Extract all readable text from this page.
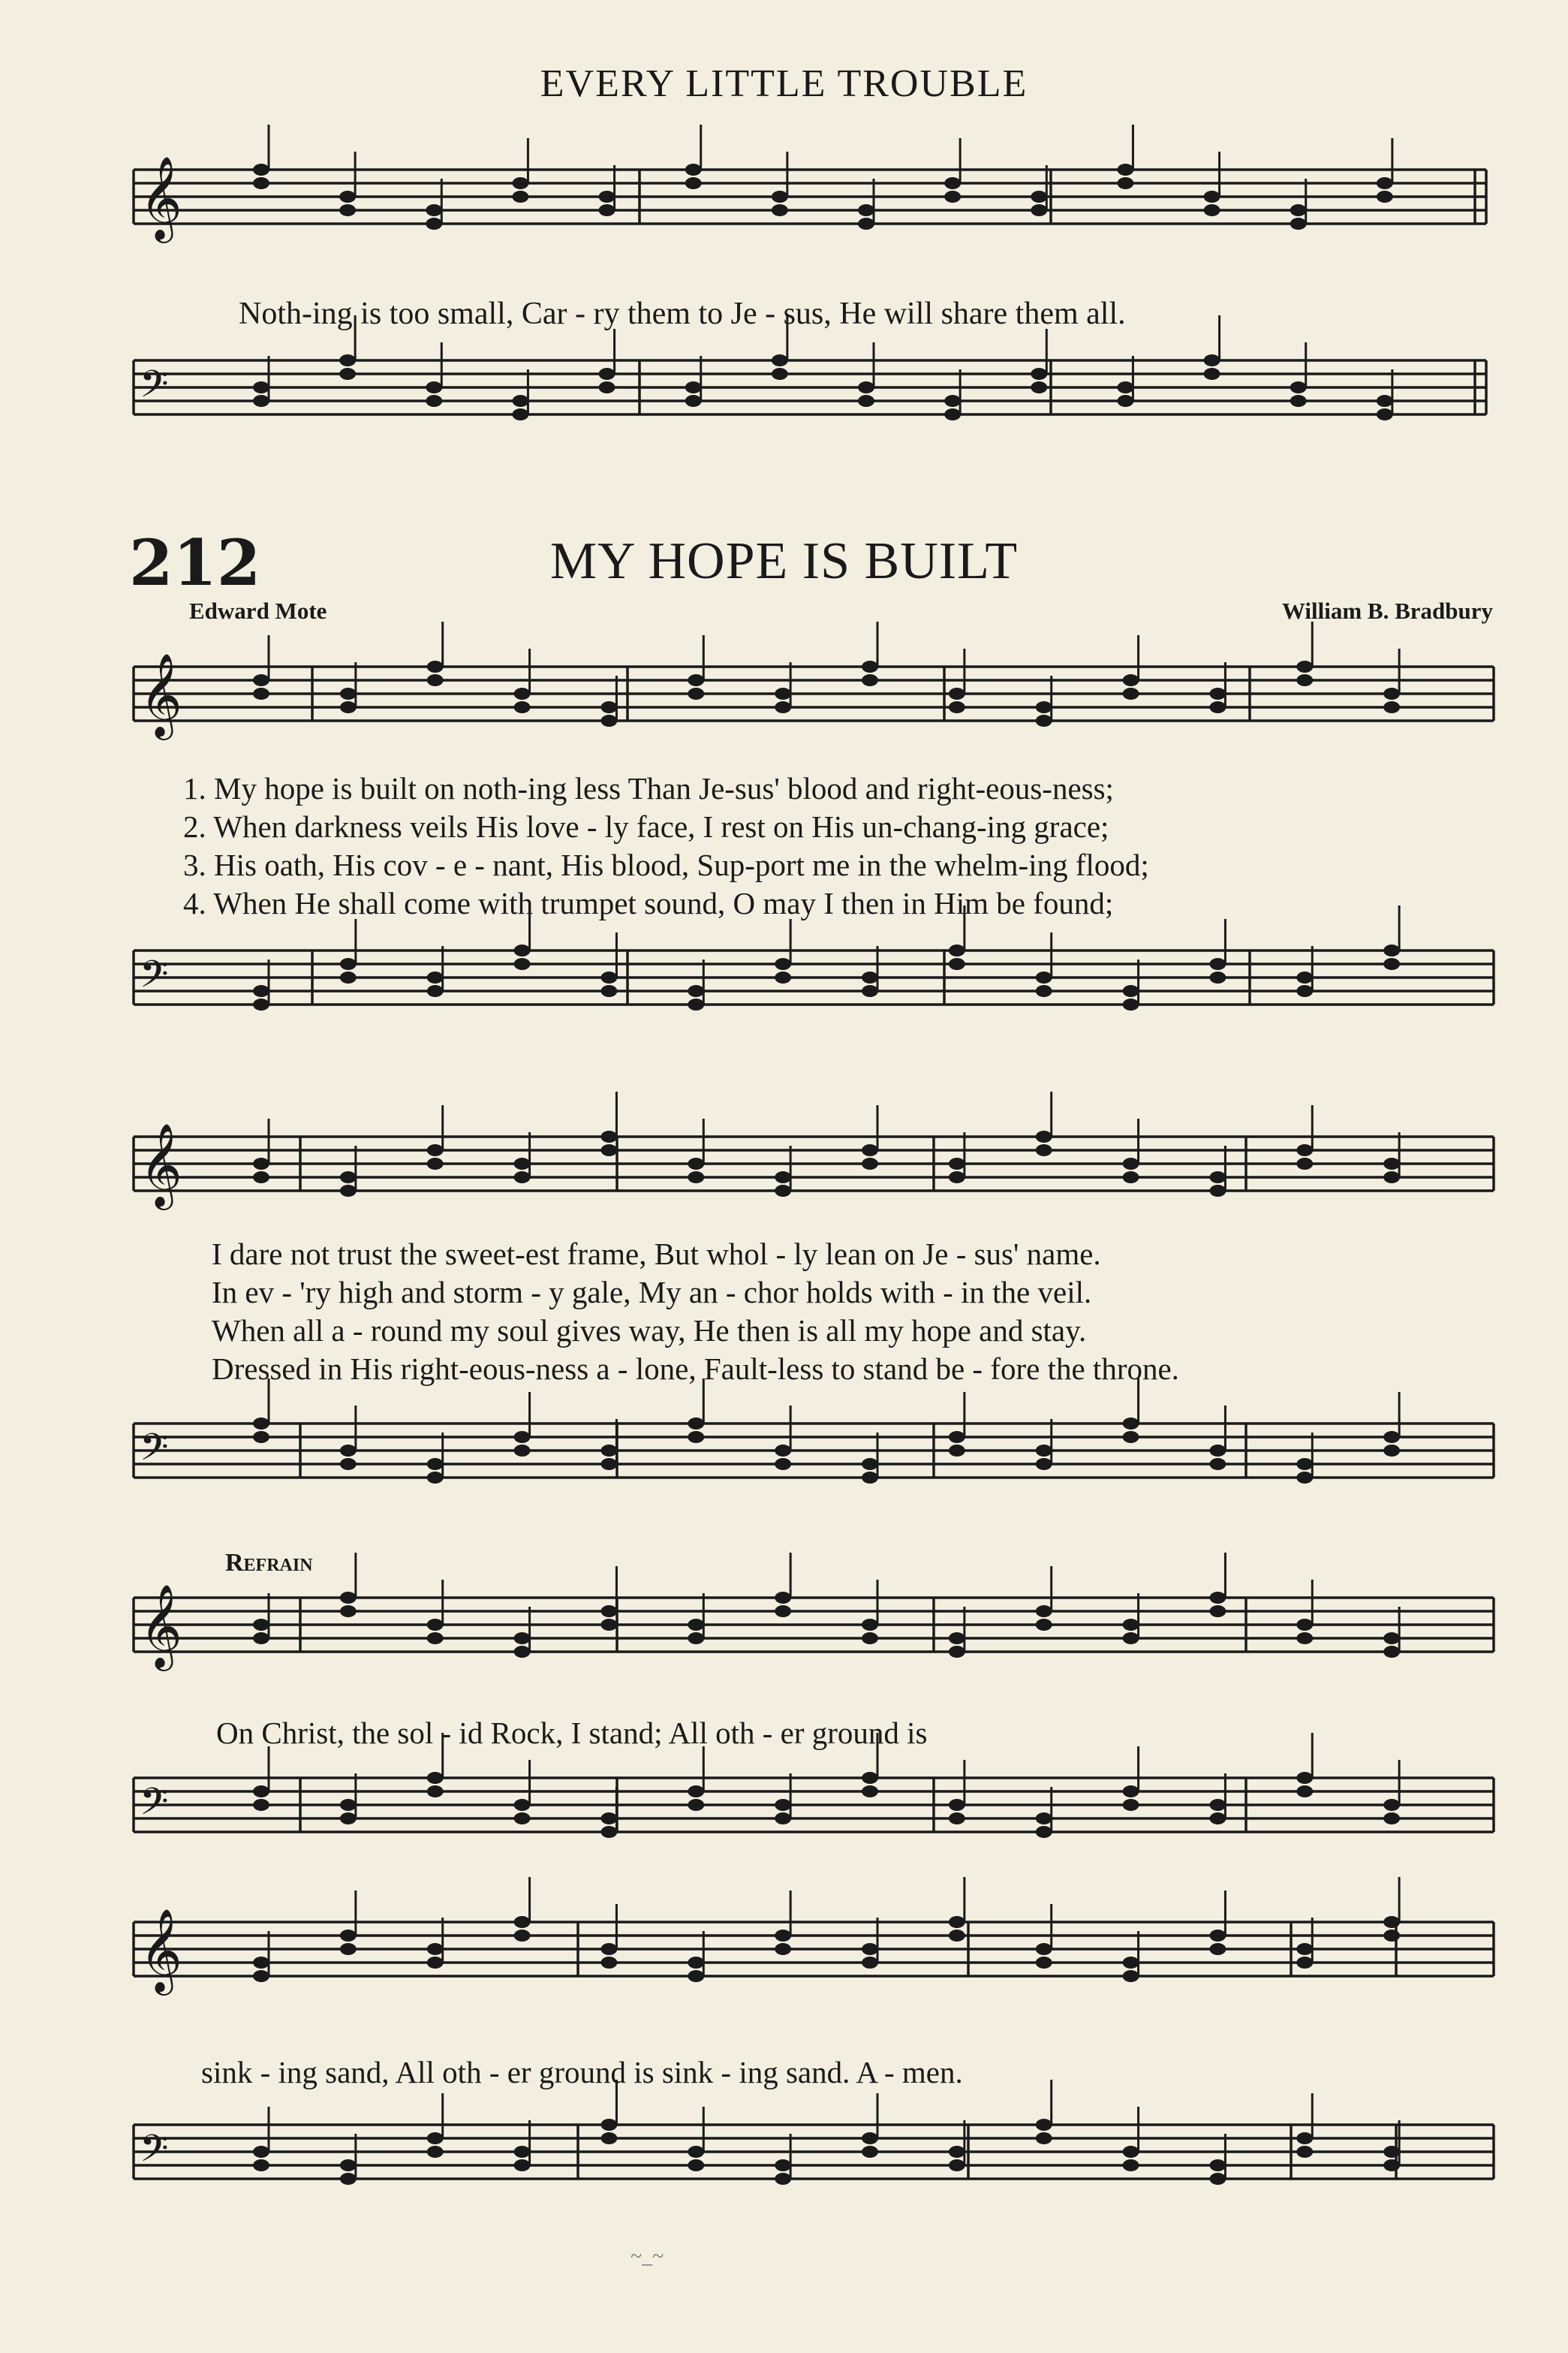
EVERY LITTLE TROUBLE
𝄞
𝄢
𝄞
𝄢
𝄞
𝄢
𝄞
𝄢
𝄞
𝄢
Noth-ing is too small, Car - ry them to Je - sus, He will share them all.
212	MY HOPE IS BUILT
Edward Mote	William B. Bradbury
1. My hope is built on noth-ing less Than Je-sus' blood and right-eous-ness;
2. When darkness veils His love - ly face, I rest on His un-chang-ing grace;
3. His oath, His cov - e - nant, His blood, Sup-port me in the whelm-ing flood;
4. When He shall come with trumpet sound, O may I then in Him be found;
I dare not trust the sweet-est frame, But whol - ly lean on Je - sus' name.
In ev - 'ry high and storm - y gale, My an - chor holds with - in the veil.
When all a - round my soul gives way, He then is all my hope and stay.
Dressed in His right-eous-ness a - lone, Fault-less to stand be - fore the throne.
Refrain
On Christ, the sol - id Rock, I stand; All oth - er ground is
sink - ing sand, All oth - er ground is sink - ing sand. A - men.
~_~
